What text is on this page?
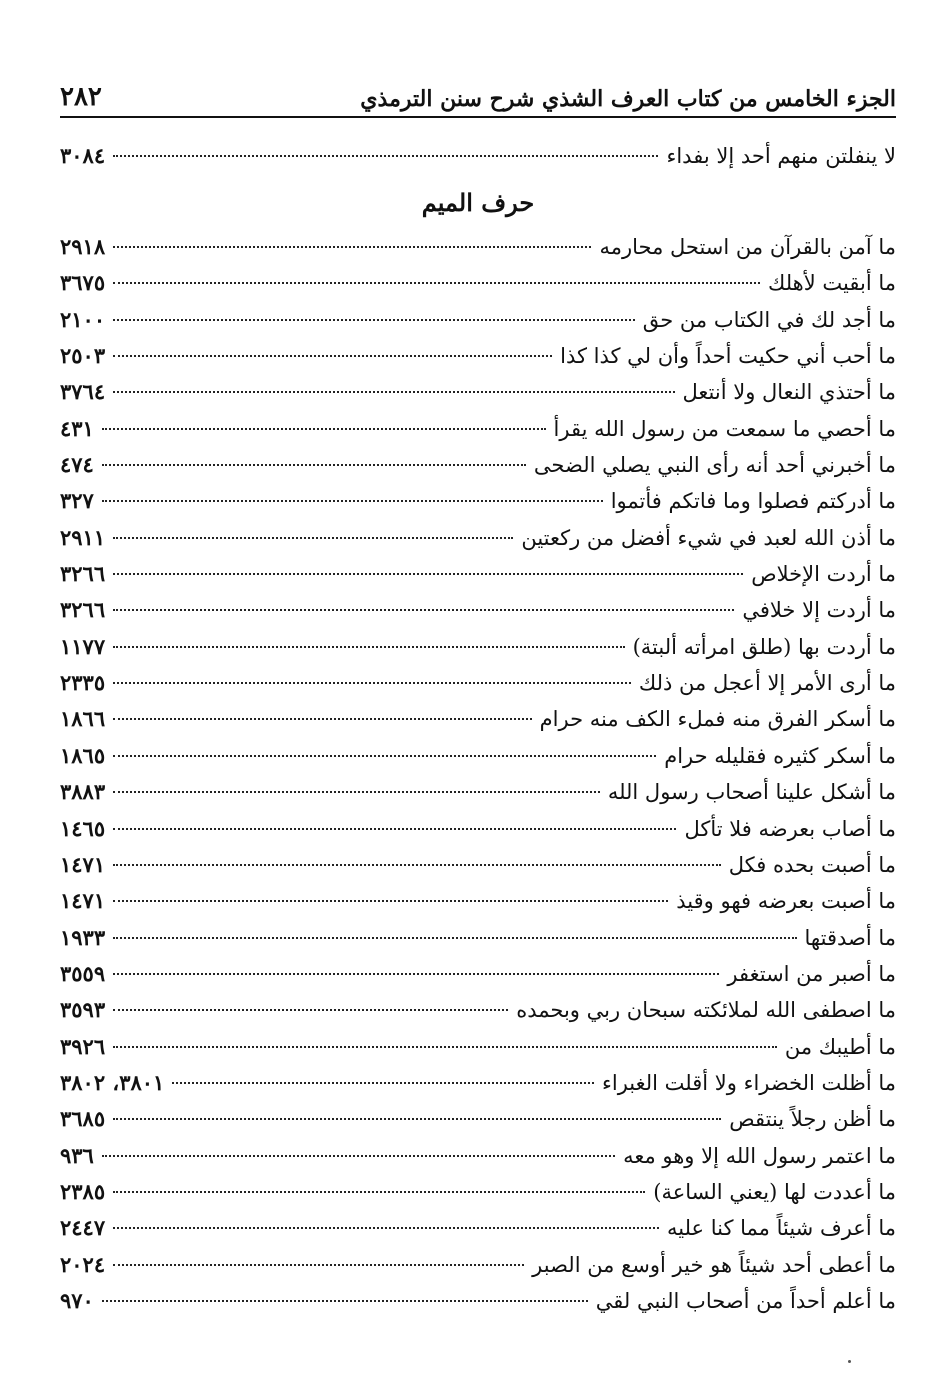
الجزء الخامس من كتاب العرف الشذي شرح سنن الترمذي
٢٨٢
لا ينفلتن منهم أحد إلا بفداء
٣٠٨٤
حرف الميم
ما آمن بالقرآن من استحل محارمه
٢٩١٨
ما أبقيت لأهلك
٣٦٧٥
ما أجد لك في الكتاب من حق
٢١٠٠
ما أحب أني حكيت أحداً وأن لي كذا كذا
٢٥٠٣
ما أحتذي النعال ولا أنتعل
٣٧٦٤
ما أحصي ما سمعت من رسول الله يقرأ
٤٣١
ما أخبرني أحد أنه رأى النبي يصلي الضحى
٤٧٤
ما أدركتم فصلوا وما فاتكم فأتموا
٣٢٧
ما أذن الله لعبد في شيء أفضل من ركعتين
٢٩١١
ما أردت الإخلاص
٣٢٦٦
ما أردت إلا خلافي
٣٢٦٦
ما أردت بها (طلق امرأته ألبتة)
١١٧٧
ما أرى الأمر إلا أعجل من ذلك
٢٣٣٥
ما أسكر الفرق منه فملء الكف منه حرام
١٨٦٦
ما أسكر كثيره فقليله حرام
١٨٦٥
ما أشكل علينا أصحاب رسول الله
٣٨٨٣
ما أصاب بعرضه فلا تأكل
١٤٦٥
ما أصبت بحده فكل
١٤٧١
ما أصبت بعرضه فهو وقيذ
١٤٧١
ما أصدقتها
١٩٣٣
ما أصبر من استغفر
٣٥٥٩
ما اصطفى الله لملائكته سبحان ربي وبحمده
٣٥٩٣
ما أطيبك من
٣٩٢٦
ما أظلت الخضراء ولا أقلت الغبراء
٣٨٠١، ٣٨٠٢
ما أظن رجلاً ينتقص
٣٦٨٥
ما اعتمر رسول الله إلا وهو معه
٩٣٦
ما أعددت لها (يعني الساعة)
٢٣٨٥
ما أعرف شيئاً مما كنا عليه
٢٤٤٧
ما أعطى أحد شيئاً هو خير أوسع من الصبر
٢٠٢٤
ما أعلم أحداً من أصحاب النبي لقي
٩٧٠
